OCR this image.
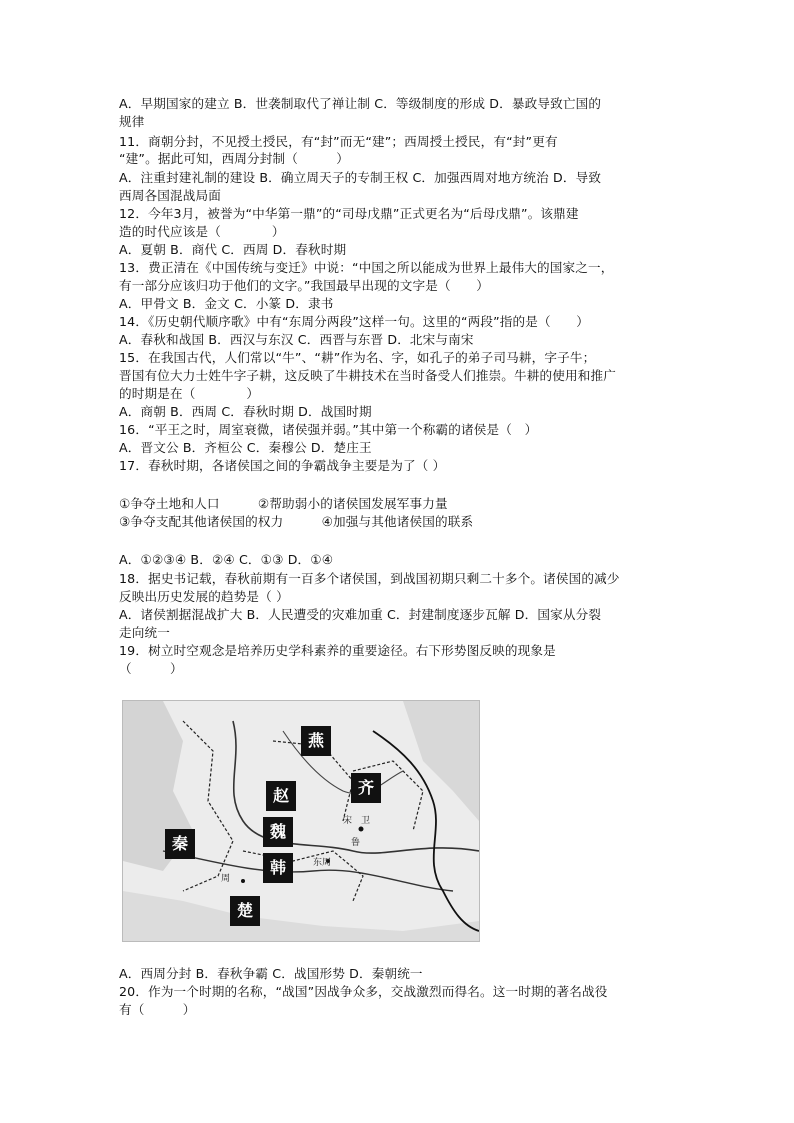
A．早期国家的建立 B．世袭制取代了禅让制 C．等级制度的形成 D．暴政导致亡国的
规律
11．商朝分封，不见授土授民，有“封”而无“建”；西周授土授民，有“封”更有
“建”。据此可知，西周分封制（　　　）
A．注重封建礼制的建设 B．确立周天子的专制王权 C．加强西周对地方统治 D．导致
西周各国混战局面
12．今年3月，被誉为“中华第一鼎”的“司母戊鼎”正式更名为“后母戊鼎”。该鼎建
造的时代应该是（　　　　）
A．夏朝 B．商代 C．西周 D．春秋时期
13．费正清在《中国传统与变迁》中说：“中国之所以能成为世界上最伟大的国家之一，
有一部分应该归功于他们的文字。”我国最早出现的文字是（　　）
A．甲骨文 B．金文 C．小篆 D．隶书
14．《历史朝代顺序歌》中有“东周分两段”这样一句。这里的“两段”指的是（　　）
A．春秋和战国 B．西汉与东汉 C．西晋与东晋 D．北宋与南宋
15．在我国古代，人们常以“牛”、“耕”作为名、字，如孔子的弟子司马耕，字子牛；
晋国有位大力士姓牛字子耕，这反映了牛耕技术在当时备受人们推崇。牛耕的使用和推广
的时期是在（　　　　）
A．商朝 B．西周 C．春秋时期 D．战国时期
16．“平王之时，周室衰微，诸侯强并弱。”其中第一个称霸的诸侯是（　）
A．晋文公 B．齐桓公 C．秦穆公 D．楚庄王
17．春秋时期，各诸侯国之间的争霸战争主要是为了（ ）
①争夺土地和人口　　　②帮助弱小的诸侯国发展军事力量
③争夺支配其他诸侯国的权力　　　④加强与其他诸侯国的联系
A．①②③④ B．②④ C．①③ D．①④
18．据史书记载，春秋前期有一百多个诸侯国，到战国初期只剩二十多个。诸侯国的减少
反映出历史发展的趋势是（ ）
A．诸侯割据混战扩大 B．人民遭受的灾难加重 C．封建制度逐步瓦解 D．国家从分裂
走向统一
19．树立时空观念是培养历史学科素养的重要途径。右下形势图反映的现象是
（　　　）
燕
齐
赵
魏
秦
韩
楚
宋 卫
鲁
东周
周
A．西周分封 B．春秋争霸 C．战国形势 D．秦朝统一
20．作为一个时期的名称，“战国”因战争众多，交战激烈而得名。这一时期的著名战役
有（　　　）
